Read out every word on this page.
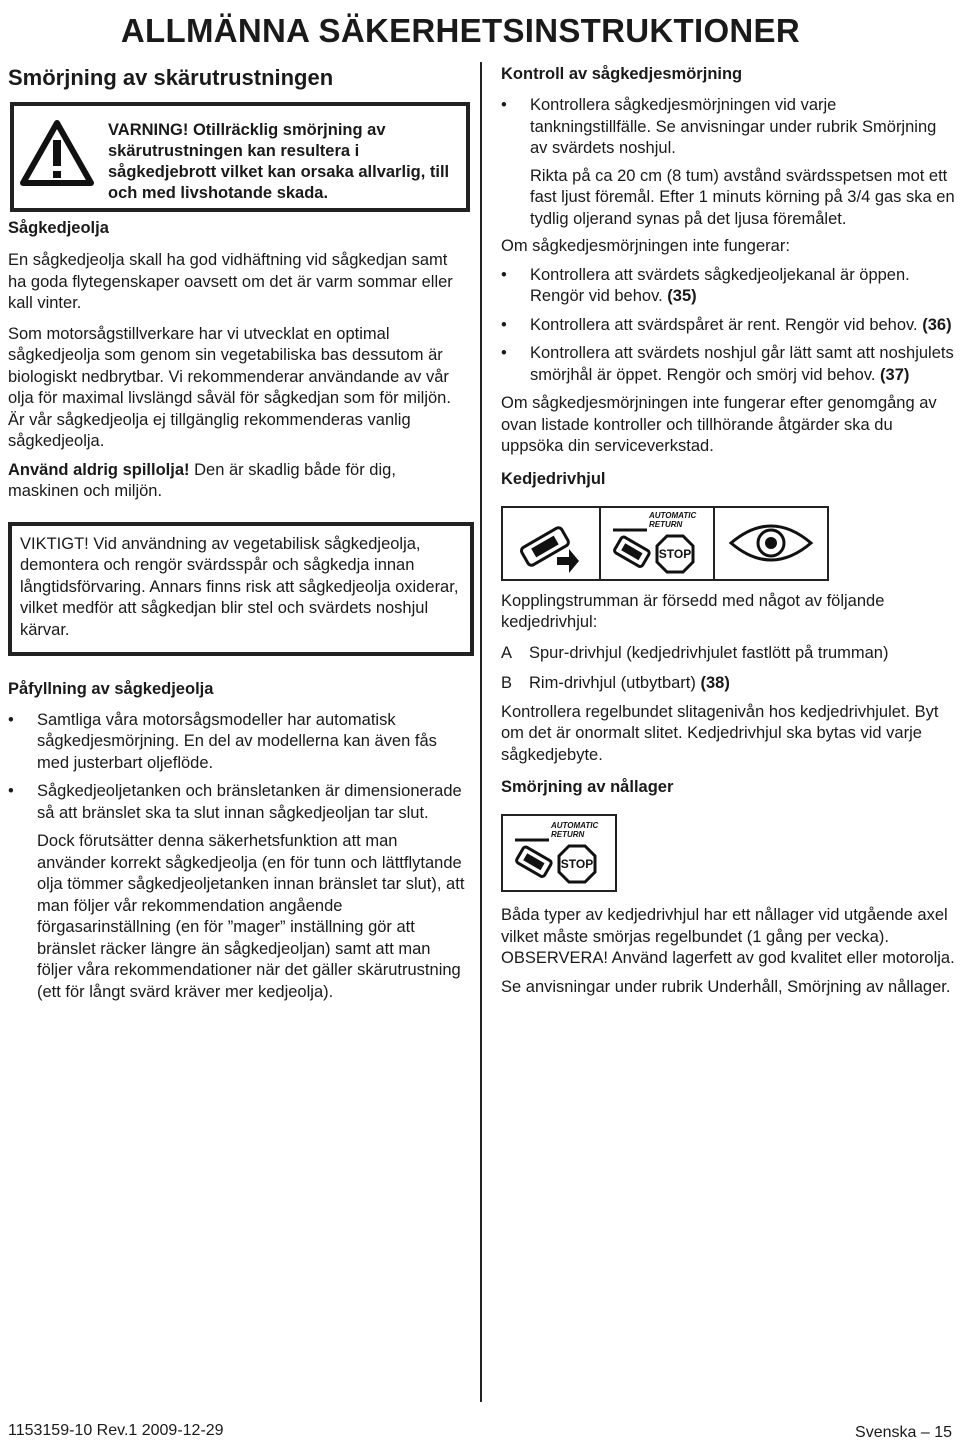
ALLMÄNNA SÄKERHETSINSTRUKTIONER
Smörjning av skärutrustningen
VARNING! Otillräcklig smörjning av skärutrustningen kan resultera i sågkedjebrott vilket kan orsaka allvarlig, till och med livshotande skada.
Sågkedjeolja

En sågkedjeolja skall ha god vidhäftning vid sågkedjan samt ha goda flytegenskaper oavsett om det är varm sommar eller kall vinter.

Som motorsågstillverkare har vi utvecklat en optimal sågkedjeolja som genom sin vegetabiliska bas dessutom är biologiskt nedbrytbar. Vi rekommenderar användande av vår olja för maximal livslängd såväl för sågkedjan som för miljön. Är vår sågkedjeolja ej tillgänglig rekommenderas vanlig sågkedjeolja.

Använd aldrig spillolja! Den är skadlig både för dig, maskinen och miljön.

VIKTIGT! Vid användning av vegetabilisk sågkedjeolja, demontera och rengör svärdsspår och sågkedja innan långtidsförvaring. Annars finns risk att sågkedjeolja oxiderar, vilket medför att sågkedjan blir stel och svärdets noshjul kärvar.

Påfyllning av sågkedjeolja
• Samtliga våra motorsågsmodeller har automatisk sågkedjesmörjning. En del av modellerna kan även fås med justerbart oljeflöde.
• Sågkedjeoljetanken och bränsletanken är dimensionerade så att bränslet ska ta slut innan sågkedjeoljan tar slut.

Dock förutsätter denna säkerhetsfunktion att man använder korrekt sågkedjeolja (en för tunn och lättflytande olja tömmer sågkedjeoljetanken innan bränslet tar slut), att man följer vår rekommendation angående förgasarinställning (en för ”mager” inställning gör att bränslet räcker längre än sågkedjeoljan) samt att man följer våra rekommendationer när det gäller skärutrustning (ett för långt svärd kräver mer kedjeolja).

Kontroll av sågkedjesmörjning
• Kontrollera sågkedjesmörjningen vid varje tankningstillfälle. Se anvisningar under rubrik Smörjning av svärdets noshjul.

Rikta på ca 20 cm (8 tum) avstånd svärdsspetsen mot ett fast ljust föremål. Efter 1 minuts körning på 3/4 gas ska en tydlig oljerand synas på det ljusa föremålet.

Om sågkedjesmörjningen inte fungerar:

• Kontrollera att svärdets sågkedjeoljekanal är öppen. Rengör vid behov. (35)
• Kontrollera att svärdspåret är rent. Rengör vid behov. (36)
• Kontrollera att svärdets noshjul går lätt samt att noshjulets smörjhål är öppet. Rengör och smörj vid behov. (37)

Om sågkedjesmörjningen inte fungerar efter genomgång av ovan listade kontroller och tillhörande åtgärder ska du uppsöka din serviceverkstad.

Kedjedrivhjul
AUTOMATIC
RETURN
STOP

Kopplingstrumman är försedd med något av följande kedjedrivhjul:

A	Spur-drivhjul (kedjedrivhjulet fastlött på trumman)
B	Rim-drivhjul (utbytbart) (38)

Kontrollera regelbundet slitagenivån hos kedjedrivhjulet. Byt om det är onormalt slitet. Kedjedrivhjul ska bytas vid varje sågkedjebyte.

Smörjning av nållager
AUTOMATIC
RETURN
STOP

Båda typer av kedjedrivhjul har ett nållager vid utgående axel vilket måste smörjas regelbundet (1 gång per vecka). OBSERVERA! Använd lagerfett av god kvalitet eller motorolja.

Se anvisningar under rubrik Underhåll, Smörjning av nållager.

1153159-10 Rev.1 2009-12-29	Svenska – 15
